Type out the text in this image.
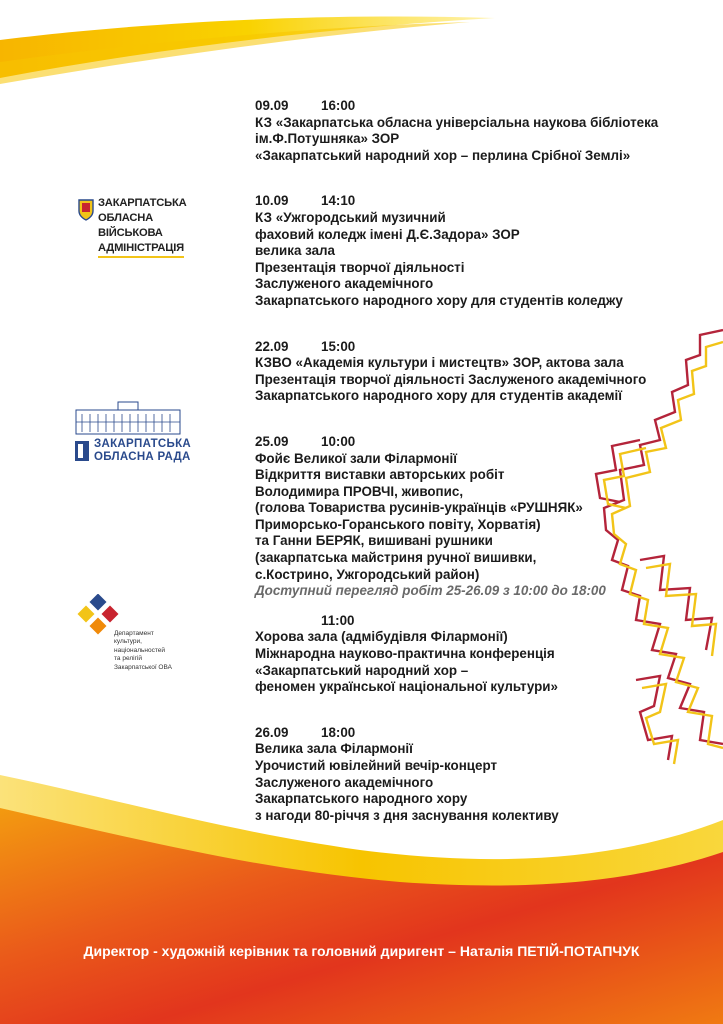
ЗАКАРПАТСЬКА
ОБЛАСНА
ВІЙСЬКОВА
АДМІНІСТРАЦІЯ
ЗАКАРПАТСЬКА
ОБЛАСНА РАДА
Департамент
культури,
національностей
та релігій
Закарпатської ОВА
09.09 16:00
КЗ «Закарпатська обласна універсіальна наукова бібліотека
ім.Ф.Потушняка» ЗОР
«Закарпатський народний хор – перлина Срібної Землі»
10.09 14:10
КЗ «Ужгородський музичний
фаховий коледж імені Д.Є.Задора» ЗОР
велика зала
Презентація творчої діяльності
Заслуженого академічного
Закарпатського народного хору для студентів коледжу
22.09 15:00
КЗВО «Академія культури і мистецтв» ЗОР, актова зала
Презентація творчої діяльності Заслуженого академічного
Закарпатського народного хору для студентів академії
25.09 10:00
Фойє Великої зали Філармонії
Відкриття виставки авторських робіт
Володимира ПРОВЧІ, живопис,
(голова Товариства русинів-українців «РУШНЯК»
Приморсько-Горанського повіту, Хорватія)
та Ганни БЕРЯК, вишивані рушники
(закарпатська майстриня ручної вишивки,
с.Кострино, Ужгородський район)
Доступний перегляд робіт 25-26.09 з 10:00 до 18:00
11:00
Хорова зала (адмібудівля Філармонії)
Міжнародна науково-практична конференція
«Закарпатський народний хор –
феномен української національної культури»
26.09 18:00
Велика зала Філармонії
Урочистий ювілейний вечір-концерт
Заслуженого академічного
Закарпатського народного хору
з нагоди 80-річчя з дня заснування колективу
Директор - художній керівник та головний диригент – Наталія ПЕТІЙ-ПОТАПЧУК
